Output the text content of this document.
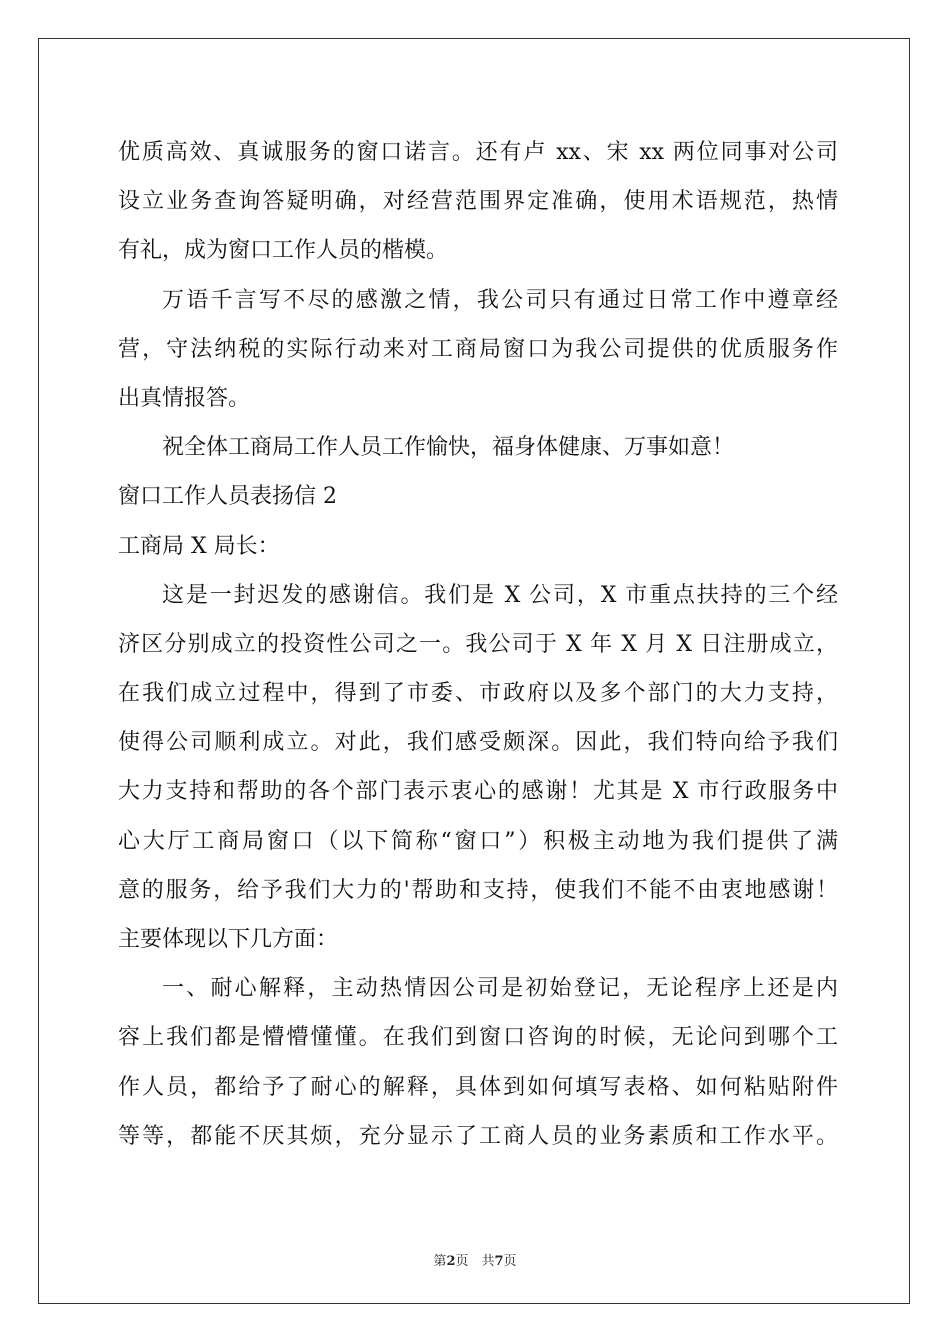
优质高效、真诚服务的窗口诺言。还有卢 xx、宋 xx 两位同事对公司
设立业务查询答疑明确，对经营范围界定准确，使用术语规范，热情
有礼，成为窗口工作人员的楷模。
万语千言写不尽的感激之情，我公司只有通过日常工作中遵章经
营，守法纳税的实际行动来对工商局窗口为我公司提供的优质服务作
出真情报答。
祝全体工商局工作人员工作愉快，福身体健康、万事如意！
窗口工作人员表扬信 2
工商局 X 局长：
这是一封迟发的感谢信。我们是 X 公司，X 市重点扶持的三个经
济区分别成立的投资性公司之一。我公司于 X 年 X 月 X 日注册成立，
在我们成立过程中，得到了市委、市政府以及多个部门的大力支持，
使得公司顺利成立。对此，我们感受颇深。因此，我们特向给予我们
大力支持和帮助的各个部门表示衷心的感谢！尤其是 X 市行政服务中
心大厅工商局窗口（以下简称“窗口”）积极主动地为我们提供了满
意的服务，给予我们大力的'帮助和支持，使我们不能不由衷地感谢！
主要体现以下几方面：
一、耐心解释，主动热情因公司是初始登记，无论程序上还是内
容上我们都是懵懵懂懂。在我们到窗口咨询的时候，无论问到哪个工
作人员，都给予了耐心的解释，具体到如何填写表格、如何粘贴附件
等等，都能不厌其烦，充分显示了工商人员的业务素质和工作水平。
第2页　共7页
